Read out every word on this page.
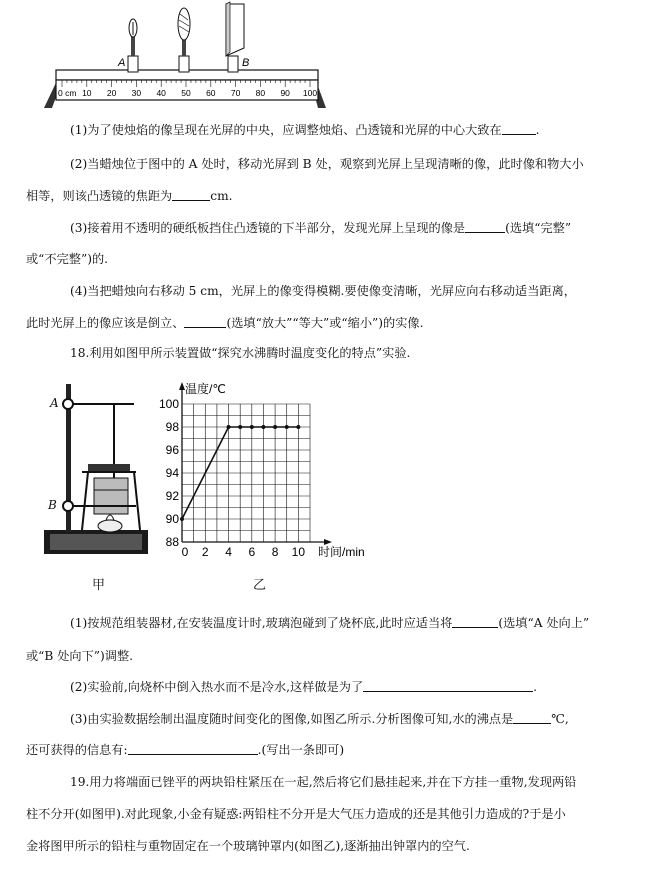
0 cm 10 20 30 40 50 60 70 80 90 100
A	B
(1)为了使烛焰的像呈现在光屏的中央，应调整烛焰、凸透镜和光屏的中心大致在	.
(2)当蜡烛位于图中的 A 处时，移动光屏到 B 处，观察到光屏上呈现清晰的像，此时像和物大小
相等，则该凸透镜的焦距为	cm.
(3)接着用不透明的硬纸板挡住凸透镜的下半部分，发现光屏上呈现的像是	(选填“完整”
或“不完整”)的.
(4)当把蜡烛向右移动 5 cm，光屏上的像变得模糊.要使像变清晰，光屏应向右移动适当距离，
此时光屏上的像应该是倒立、	(选填“放大”“等大”或“缩小”)的实像.
18.利用如图甲所示装置做“探究水沸腾时温度变化的特点”实验.
A
B
88
90
92
94
96
98
100
0 2 4 6 8 10
温度/℃
时间/min
甲	乙
(1)按规范组装器材,在安装温度计时,玻璃泡碰到了烧杯底,此时应适当将	(选填“A 处向上”
或“B 处向下”)调整.
(2)实验前,向烧杯中倒入热水而不是冷水,这样做是为了	.
(3)由实验数据绘制出温度随时间变化的图像,如图乙所示.分析图像可知,水的沸点是	℃,
还可获得的信息有:	.(写出一条即可)
19.用力将端面已锉平的两块铅柱紧压在一起,然后将它们悬挂起来,并在下方挂一重物,发现两铅
柱不分开(如图甲).对此现象,小金有疑惑:两铅柱不分开是大气压力造成的还是其他引力造成的?于是小
金将图甲所示的铅柱与重物固定在一个玻璃钟罩内(如图乙),逐渐抽出钟罩内的空气.
